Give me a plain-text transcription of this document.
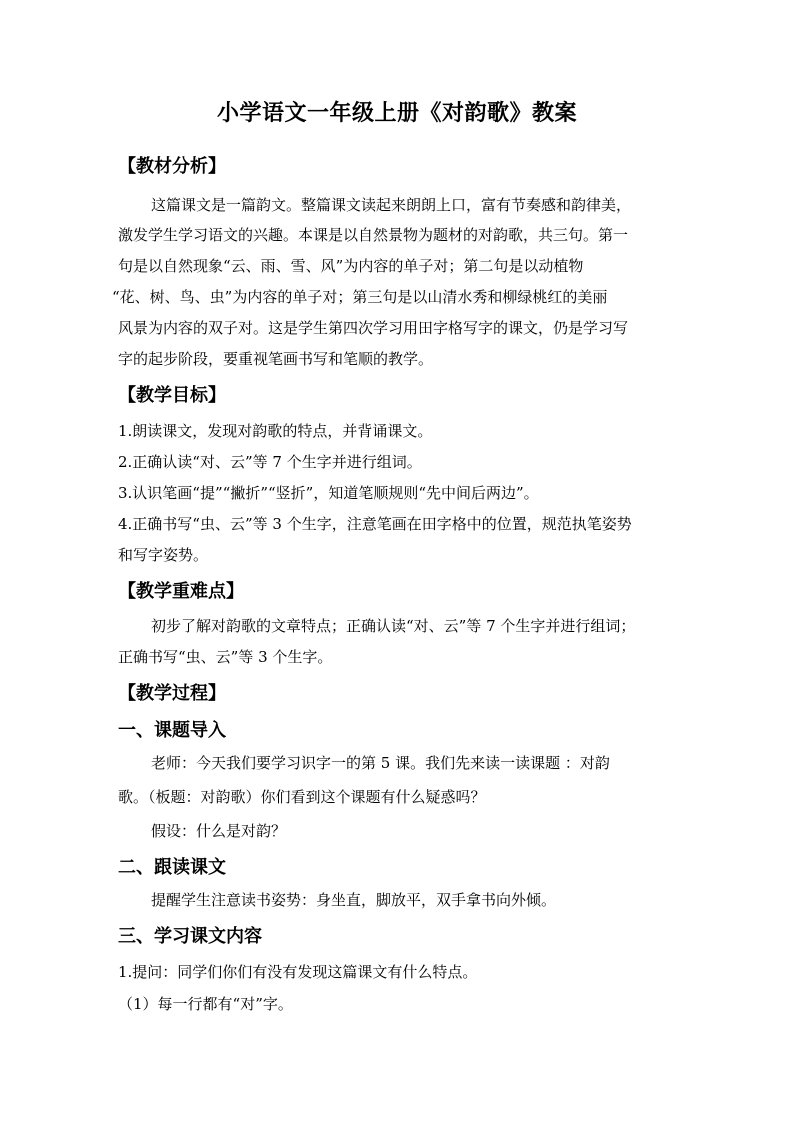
小学语文一年级上册《对韵歌》教案
【教材分析】
这篇课文是一篇韵文。整篇课文读起来朗朗上口，富有节奏感和韵律美，
激发学生学习语文的兴趣。本课是以自然景物为题材的对韵歌，共三句。第一
句是以自然现象“云、雨、雪、风”为内容的单子对；第二句是以动植物
“花、树、鸟、虫”为内容的单子对；第三句是以山清水秀和柳绿桃红的美丽
风景为内容的双子对。这是学生第四次学习用田字格写字的课文，仍是学习写
字的起步阶段，要重视笔画书写和笔顺的教学。
【教学目标】
1.朗读课文，发现对韵歌的特点，并背诵课文。
2.正确认读“对、云”等 7 个生字并进行组词。
3.认识笔画“提”“撇折”“竖折”，知道笔顺规则“先中间后两边”。
4.正确书写“虫、云”等 3 个生字，注意笔画在田字格中的位置，规范执笔姿势
和写字姿势。
【教学重难点】
初步了解对韵歌的文章特点；正确认读“对、云”等 7 个生字并进行组词；
正确书写“虫、云”等 3 个生字。
【教学过程】
一、课题导入
老师：今天我们要学习识字一的第 5 课。我们先来读一读课题 ：对韵
歌。（板题：对韵歌）你们看到这个课题有什么疑惑吗？
假设：什么是对韵？
二、跟读课文
提醒学生注意读书姿势：身坐直，脚放平，双手拿书向外倾。
三、学习课文内容
1.提问：同学们你们有没有发现这篇课文有什么特点。
（1）每一行都有“对”字。
